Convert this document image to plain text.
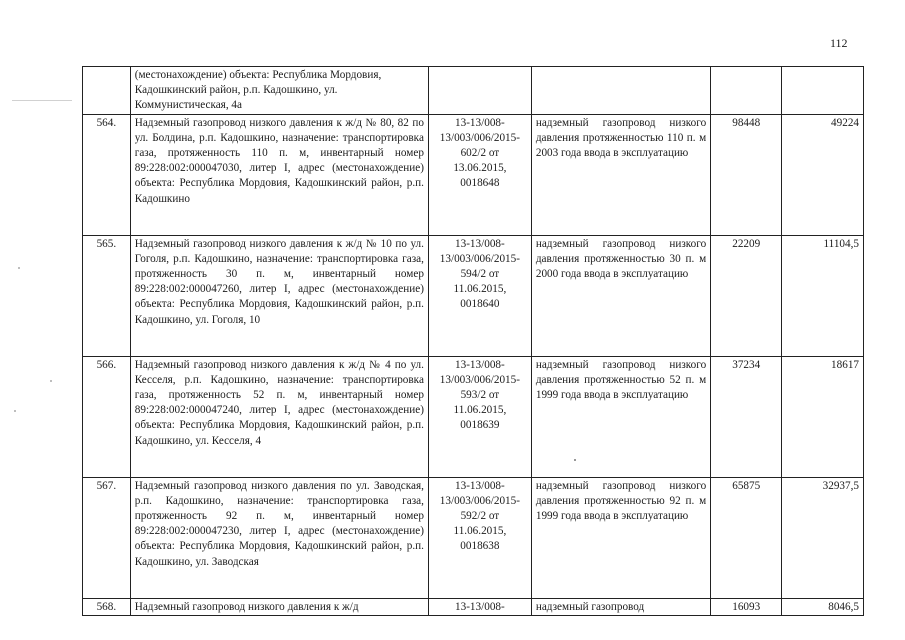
112
	(местонахождение) объекта: Республика Мордовия, Кадошкинский район, р.п. Кадошкино, ул. Коммунистическая, 4а				
564.	Надземный газопровод низкого давления к ж/д № 80, 82 по ул. Болдина, р.п. Кадошкино, назначение: транспортировка газа, протяженность 110 п. м, инвентарный номер 89:228:002:000047030, литер I, адрес (местонахождение) объекта: Республика Мордовия, Кадошкинский район, р.п. Кадошкино	13-13/008-13/003/006/2015-602/2 от 13.06.2015, 0018648	надземный газопровод низкого давления протяженностью 110 п. м 2003 года ввода в эксплуатацию	98448	49224
565.	Надземный газопровод низкого давления к ж/д № 10 по ул. Гоголя, р.п. Кадошкино, назначение: транспортировка газа, протяженность 30 п. м, инвентарный номер 89:228:002:000047260, литер I, адрес (местонахождение) объекта: Республика Мордовия, Кадошкинский район, р.п. Кадошкино, ул. Гоголя, 10	13-13/008-13/003/006/2015-594/2 от 11.06.2015, 0018640	надземный газопровод низкого давления протяженностью 30 п. м 2000 года ввода в эксплуатацию	22209	11104,5
566.	Надземный газопровод низкого давления к ж/д № 4 по ул. Кесселя, р.п. Кадошкино, назначение: транспортировка газа, протяженность 52 п. м, инвентарный номер 89:228:002:000047240, литер I, адрес (местонахождение) объекта: Республика Мордовия, Кадошкинский район, р.п. Кадошкино, ул. Кесселя, 4	13-13/008-13/003/006/2015-593/2 от 11.06.2015, 0018639	надземный газопровод низкого давления протяженностью 52 п. м 1999 года ввода в эксплуатацию	37234	18617
567.	Надземный газопровод низкого давления по ул. Заводская, р.п. Кадошкино, назначение: транспортировка газа, протяженность 92 п. м, инвентарный номер 89:228:002:000047230, литер I, адрес (местонахождение) объекта: Республика Мордовия, Кадошкинский район, р.п. Кадошкино, ул. Заводская	13-13/008-13/003/006/2015-592/2 от 11.06.2015, 0018638	надземный газопровод низкого давления протяженностью 92 п. м 1999 года ввода в эксплуатацию	65875	32937,5
568.	Надземный газопровод низкого давления к ж/д	13-13/008-	надземный газопровод	16093	8046,5
